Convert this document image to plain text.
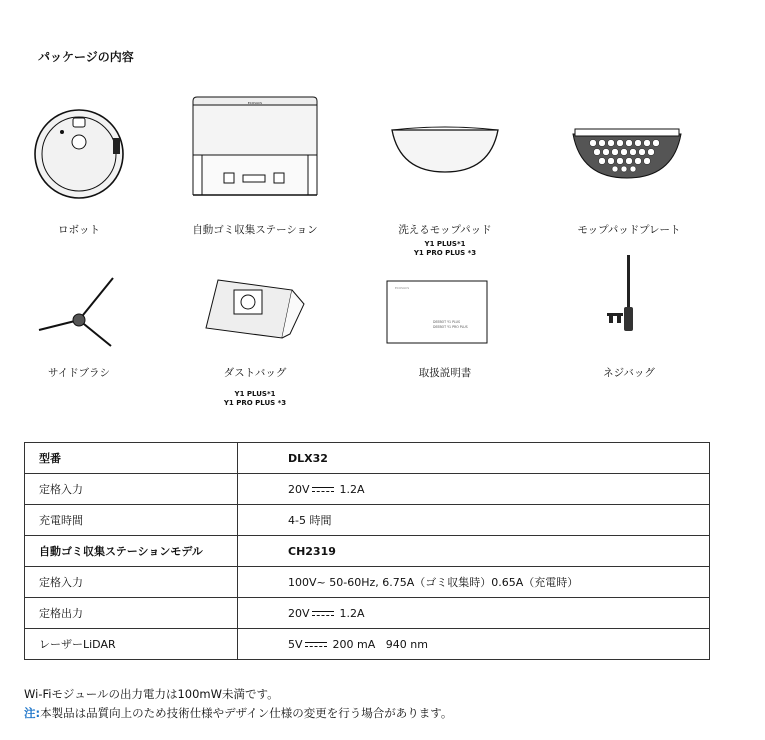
パッケージの内容
ECOVACS
ロボット	自動ゴミ収集ステーション	洗えるモップパッド
Y1 PLUS*1
Y1 PRO PLUS *3
モップパッドプレート
ECOVACS
DEEBOT Y1 PLUS
DEEBOT Y1 PRO PLUS
サイドブラシ	ダストバッグ
Y1 PLUS*1
Y1 PRO PLUS *3
取扱説明書	ネジバッグ
型番	DLX32
定格入力	20V 1.2A
充電時間	4-5 時間
自動ゴミ収集ステーションモデル	CH2319
定格入力	100V~ 50-60Hz, 6.75A（ゴミ収集時）0.65A（充電時）
定格出力	20V 1.2A
レーザーLiDAR	5V 200 mA   940 nm
Wi-Fiモジュールの出力電力は100mW未満です。
注:本製品は品質向上のため技術仕様やデザイン仕様の変更を行う場合があります。
